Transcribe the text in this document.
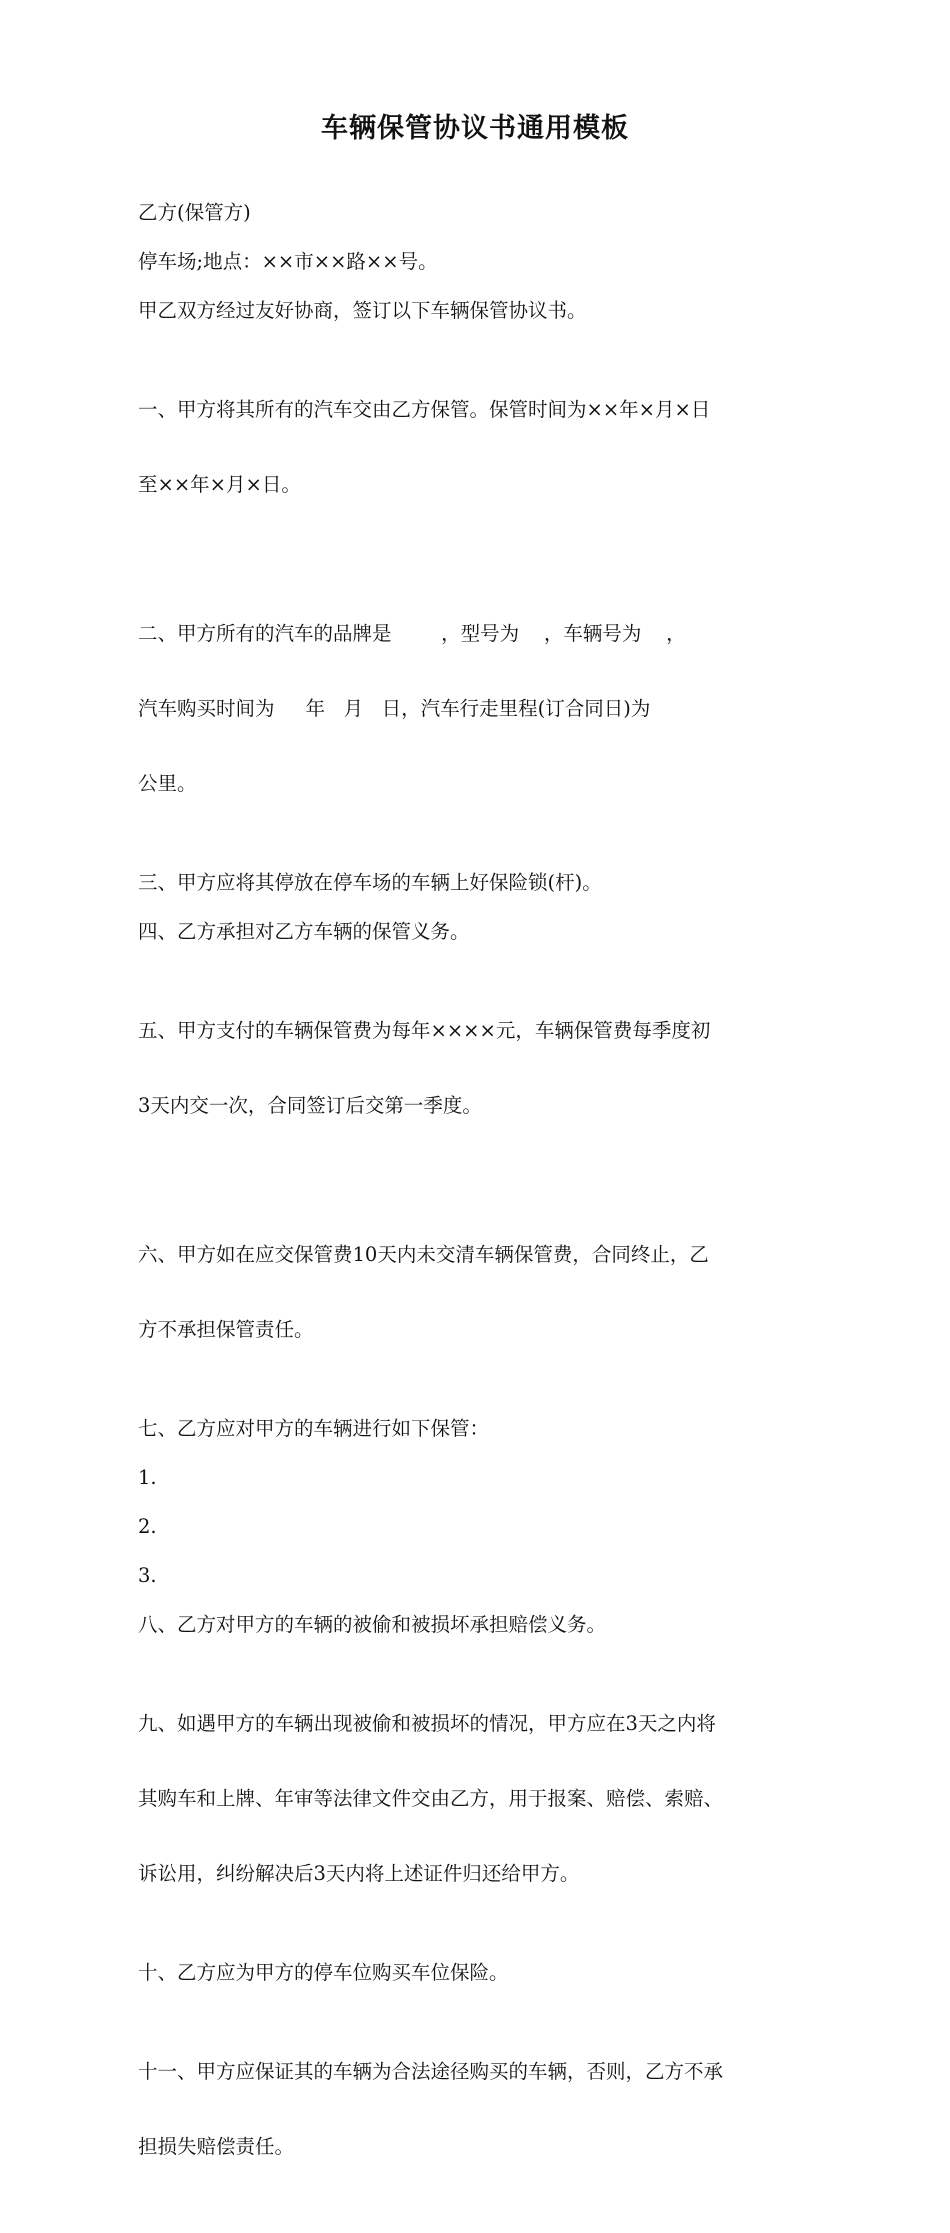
车辆保管协议书通用模板

乙方(保管方)

停车场;地点：××市××路××号。

甲乙双方经过友好协商，签订以下车辆保管协议书。

一、甲方将其所有的汽车交由乙方保管。保管时间为××年×月×日

至××年×月×日。

二、甲方所有的汽车的品牌是        ，型号为    ，车辆号为    ，

汽车购买时间为     年   月   日，汽车行走里程(订合同日)为

公里。

三、甲方应将其停放在停车场的车辆上好保险锁(杆)。

四、乙方承担对乙方车辆的保管义务。

五、甲方支付的车辆保管费为每年××××元，车辆保管费每季度初

3天内交一次，合同签订后交第一季度。

六、甲方如在应交保管费10天内未交清车辆保管费，合同终止，乙

方不承担保管责任。

七、乙方应对甲方的车辆进行如下保管：

1.

2.

3.

八、乙方对甲方的车辆的被偷和被损坏承担赔偿义务。

九、如遇甲方的车辆出现被偷和被损坏的情况，甲方应在3天之内将

其购车和上牌、年审等法律文件交由乙方，用于报案、赔偿、索赔、

诉讼用，纠纷解决后3天内将上述证件归还给甲方。

十、乙方应为甲方的停车位购买车位保险。

十一、甲方应保证其的车辆为合法途径购买的车辆，否则，乙方不承

担损失赔偿责任。
